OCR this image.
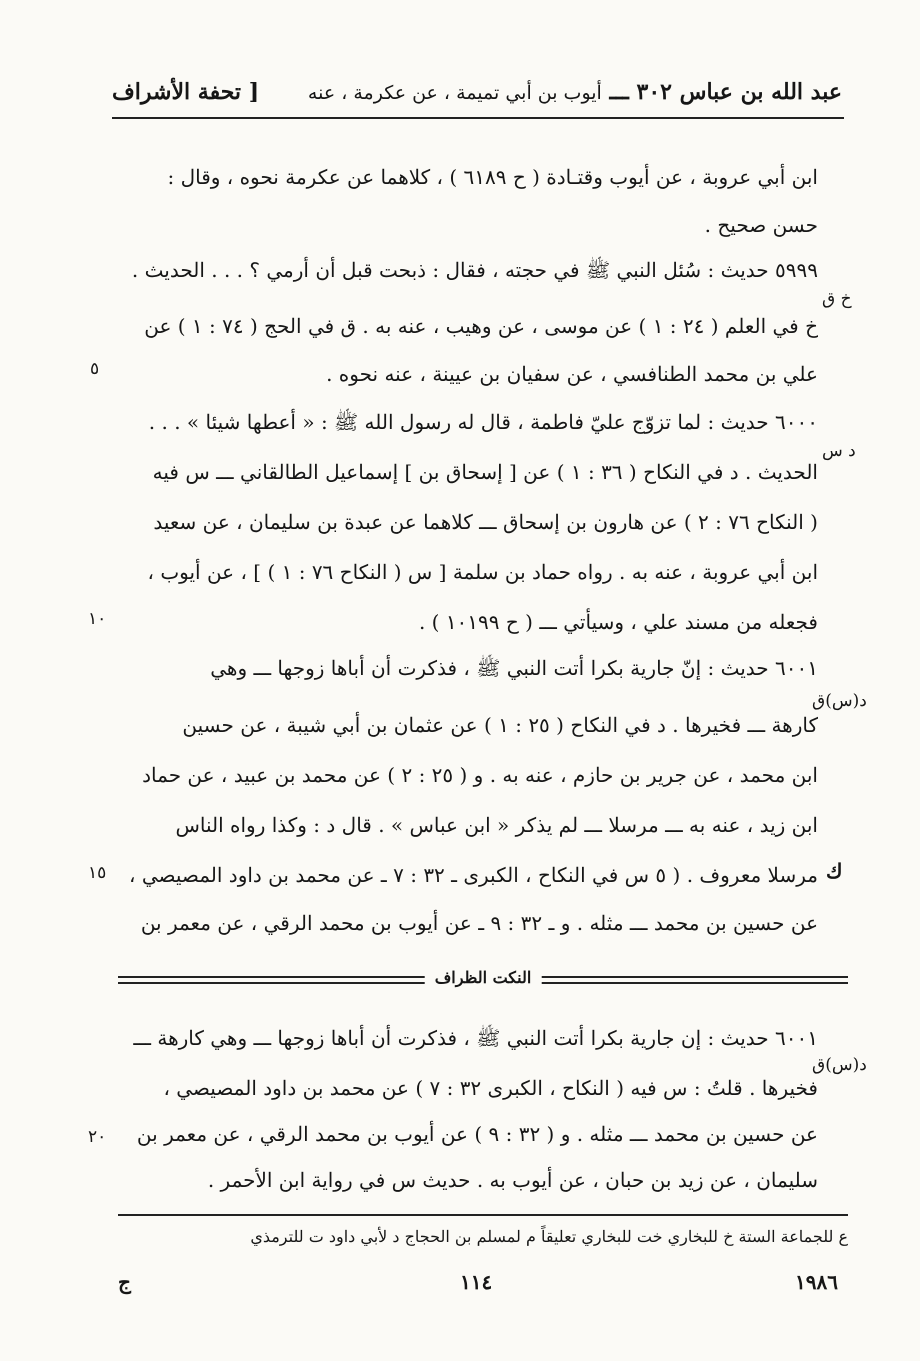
عبد الله بن عباس ٣٠٢ ـــ أيوب بن أبي تميمة ، عن عكرمة ، عنه
[ تحفة الأشراف
ابن أبي عروبة ، عن أيوب وقتـادة ( ح ٦١٨٩ ) ، كلاهما عن عكرمة نحوه ، وقال :
حسن صحيح .
٥٩٩٩ حديث : سُئل النبي ﷺ في حجته ، فقال : ذبحت قبل أن أرمي ؟ . . . الحديث .
خ في العلم ( ٢٤ : ١ ) عن موسى ، عن وهيب ، عنه به . ق في الحج ( ٧٤ : ١ ) عن
علي بن محمد الطنافسي ، عن سفيان بن عيينة ، عنه نحوه .
٦٠٠٠ حديث : لما تزوّج عليّ فاطمة ، قال له رسول الله ﷺ : « أعطها شيئا » . . .
الحديث . د في النكاح ( ٣٦ : ١ ) عن [ إسحاق بن ] إسماعيل الطالقاني ـــ س فيه
( النكاح ٧٦ : ٢ ) عن هارون بن إسحاق ـــ كلاهما عن عبدة بن سليمان ، عن سعيد
ابن أبي عروبة ، عنه به . رواه حماد بن سلمة [ س ( النكاح ٧٦ : ١ ) ] ، عن أيوب ،
فجعله من مسند علي ، وسيأتي ـــ ( ح ١٠١٩٩ ) .
٦٠٠١ حديث : إنّ جارية بكرا أتت النبي ﷺ ، فذكرت أن أباها زوجها ـــ وهي
كارهة ـــ فخيرها . د في النكاح ( ٢٥ : ١ ) عن عثمان بن أبي شيبة ، عن حسين
ابن محمد ، عن جرير بن حازم ، عنه به . و ( ٢٥ : ٢ ) عن محمد بن عبيد ، عن حماد
ابن زيد ، عنه به ـــ مرسلا ـــ لم يذكر « ابن عباس » . قال د : وكذا رواه الناس
مرسلا معروف . ( ٥ س في النكاح ، الكبرى ـ ٣٢ : ٧ ـ عن محمد بن داود المصيصي ،
عن حسين بن محمد ـــ مثله . و ـ ٣٢ : ٩ ـ عن أيوب بن محمد الرقي ، عن معمر بن
٥
١٠
١٥
٢٠
خ ق
د س
د(س)ق
ك
د(س)ق
النكت الظراف
٦٠٠١ حديث : إن جارية بكرا أتت النبي ﷺ ، فذكرت أن أباها زوجها ـــ وهي كارهة ـــ
فخيرها . قلتُ : س فيه ( النكاح ، الكبرى ٣٢ : ٧ ) عن محمد بن داود المصيصي ،
عن حسين بن محمد ـــ مثله . و ( ٣٢ : ٩ ) عن أيوب بن محمد الرقي ، عن معمر بن
سليمان ، عن زيد بن حبان ، عن أيوب به . حديث س في رواية ابن الأحمر .
ع للجماعة الستة خ للبخاري خت للبخاري تعليقاً م لمسلم بن الحجاج د لأبي داود ت للترمذي
ج	١١٤	١٩٨٦
